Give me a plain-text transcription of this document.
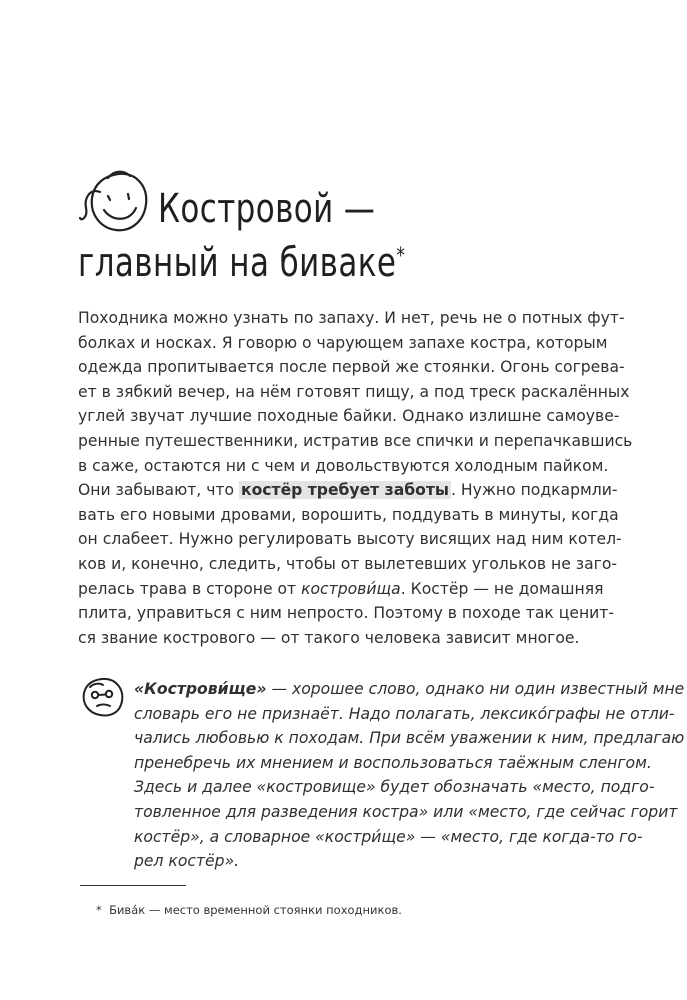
Костровой —
главный на биваке*
Походника можно узнать по запаху. И нет, речь не о потных фут-
болках и носках. Я говорю о чарующем запахе костра, которым
одежда пропитывается после первой же стоянки. Огонь согрева-
ет в зябкий вечер, на нём готовят пищу, а под треск раскалённых
углей звучат лучшие походные байки. Однако излишне самоуве-
ренные путешественники, истратив все спички и перепачкавшись
в саже, остаются ни с чем и довольствуются холодным пайком.
Они забывают, что костёр требует заботы . Нужно подкармли-
вать его новыми дровами, ворошить, поддувать в минуты, когда
он слабеет. Нужно регулировать высоту висящих над ним котел-
ков и, конечно, следить, чтобы от вылетевших угольков не заго-
релась трава в стороне от кострови́ща. Костёр — не домашняя
плита, управиться с ним непросто. Поэтому в походе так ценит-
ся звание кострового — от такого человека зависит многое.
«Кострови́ще» — хорошее слово, однако ни один известный мне
словарь его не признаёт. Надо полагать, лексико́графы не отли-
чались любовью к походам. При всём уважении к ним, предлагаю
пренебречь их мнением и воспользоваться таёжным сленгом.
Здесь и далее «костровище» будет обозначать «место, подго-
товленное для разведения костра» или «место, где сейчас горит
костёр», а словарное «костри́ще» — «место, где когда-то го-
рел костёр».
* Бива́к — место временной стоянки походников.
